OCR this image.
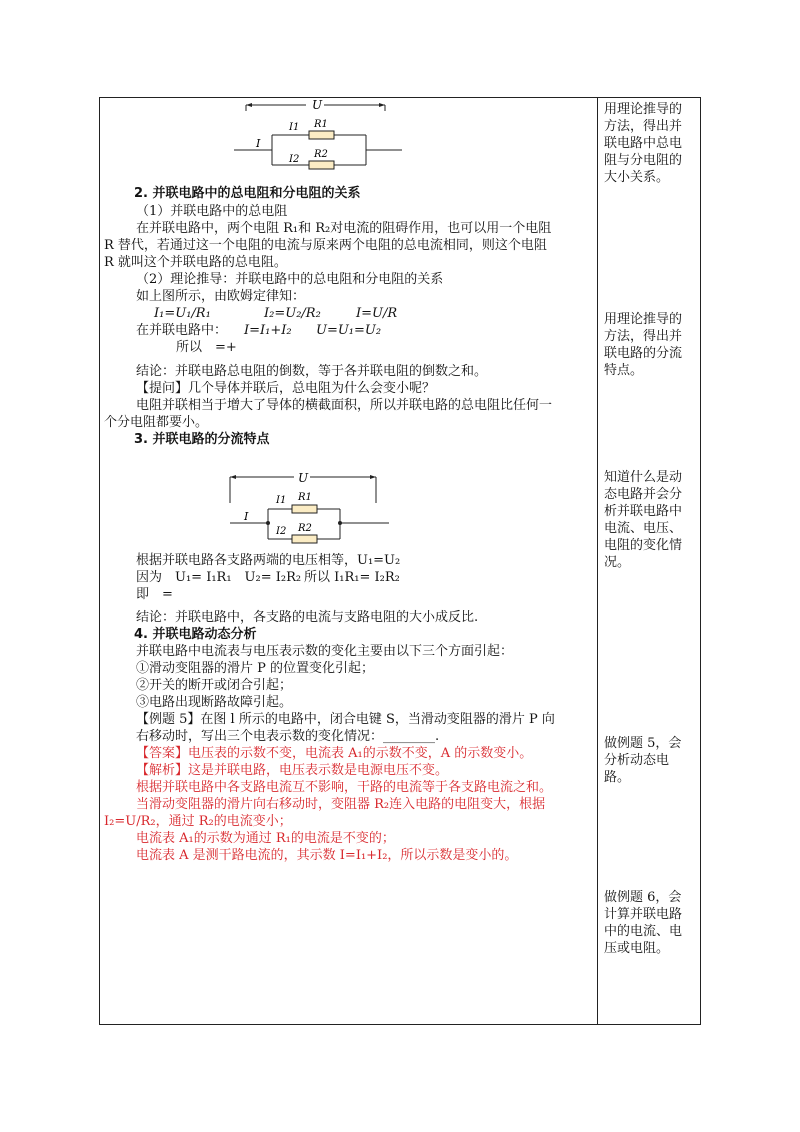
U
I
I1 R1
I2 R2
2. 并联电路中的总电阻和分电阻的关系
（1）并联电路中的总电阻
在并联电路中，两个电阻 R₁和 R₂对电流的阻碍作用，也可以用一个电阻
R 替代，若通过这一个电阻的电流与原来两个电阻的总电流相同，则这个电阻
R 就叫这个并联电路的总电阻。
（2）理论推导：并联电路中的总电阻和分电阻的关系
如上图所示，由欧姆定律知：
I₁=U₁/R₁	I₂=U₂/R₂	I=U/R
在并联电路中： I=I₁+I₂ U=U₁=U₂
所以　=+
结论：并联电路总电阻的倒数，等于各并联电阻的倒数之和。
【提问】几个导体并联后，总电阻为什么会变小呢？
电阻并联相当于增大了导体的横截面积，所以并联电路的总电阻比任何一
个分电阻都要小。
3. 并联电路的分流特点
U
I
I1 R1
I2 R2
根据并联电路各支路两端的电压相等，U₁=U₂
因为　U₁= I₁R₁　U₂= I₂R₂ 所以 I₁R₁= I₂R₂
即　=
结论：并联电路中，各支路的电流与支路电阻的大小成反比.
4. 并联电路动态分析
并联电路中电流表与电压表示数的变化主要由以下三个方面引起：
①滑动变阻器的滑片 P 的位置变化引起；
②开关的断开或闭合引起；
③电路出现断路故障引起。
【例题 5】在图 l 所示的电路中，闭合电键 S，当滑动变阻器的滑片 P 向
右移动时，写出三个电表示数的变化情况：________.
【答案】电压表的示数不变，电流表 A₁的示数不变，A 的示数变小。
【解析】这是并联电路，电压表示数是电源电压不变。
根据并联电路中各支路电流互不影响，干路的电流等于各支路电流之和。
当滑动变阻器的滑片向右移动时，变阻器 R₂连入电路的电阻变大，根据
I₂=U/R₂，通过 R₂的电流变小；
电流表 A₁的示数为通过 R₁的电流是不变的；
电流表 A 是测干路电流的，其示数 I=I₁+I₂，所以示数是变小的。
用理论推导的
方法，得出并
联电路中总电
阻与分电阻的
大小关系。
用理论推导的
方法，得出并
联电路的分流
特点。
知道什么是动
态电路并会分
析并联电路中
电流、电压、
电阻的变化情
况。
做例题 5，会
分析动态电
路。
做例题 6，会
计算并联电路
中的电流、电
压或电阻。
